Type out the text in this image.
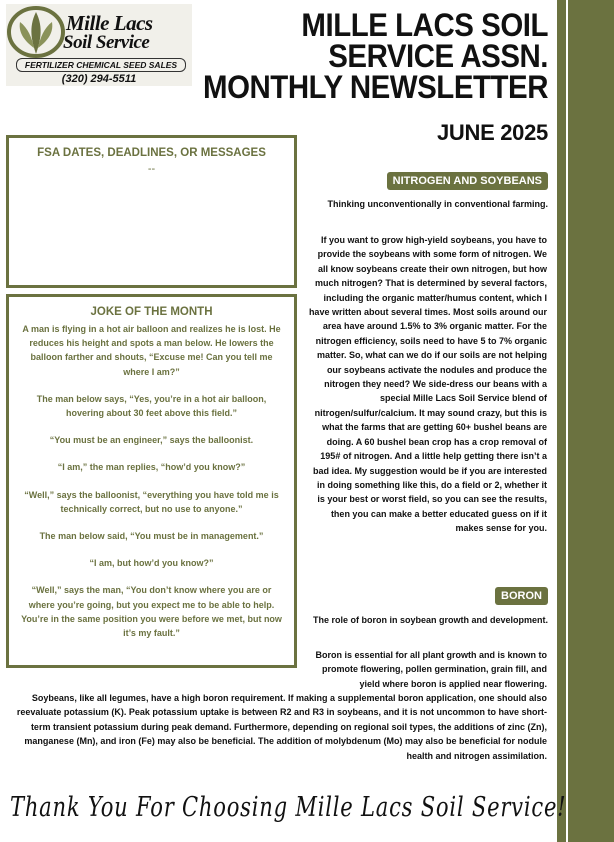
Mille Lacs
Soil Service
FERTILIZER CHEMICAL SEED SALES
(320) 294-5511
MILLE LACS SOIL
SERVICE ASSN.
MONTHLY NEWSLETTER
JUNE 2025
FSA DATES, DEADLINES, OR MESSAGES
--
JOKE OF THE MONTH

A man is flying in a hot air balloon and realizes he is lost. He reduces his height and spots a man below. He lowers the balloon farther and shouts, “Excuse me! Can you tell me where I am?”

The man below says, “Yes, you’re in a hot air balloon, hovering about 30 feet above this field.”

“You must be an engineer,” says the balloonist.

“I am,” the man replies, “how’d you know?”

“Well,” says the balloonist, “everything you have told me is technically correct, but no use to anyone.”

The man below said, “You must be in management.”

“I am, but how’d you know?”

“Well,” says the man, “You don’t know where you are or where you’re going, but you expect me to be able to help. You’re in the same position you were before we met, but now it’s my fault.”

NITROGEN AND SOYBEANS
Thinking unconventionally in conventional farming.
If you want to grow high-yield soybeans, you have to provide the soybeans with some form of nitrogen. We all know soybeans create their own nitrogen, but how much nitrogen? That is determined by several factors, including the organic matter/humus content, which I have written about several times. Most soils around our area have around 1.5% to 3% organic matter. For the nitrogen efficiency, soils need to have 5 to 7% organic matter. So, what can we do if our soils are not helping our soybeans activate the nodules and produce the nitrogen they need? We side-dress our beans with a special Mille Lacs Soil Service blend of nitrogen/sulfur/calcium. It may sound crazy, but this is what the farms that are getting 60+ bushel beans are doing. A 60 bushel bean crop has a crop removal of 195# of nitrogen. And a little help getting there isn’t a bad idea. My suggestion would be if you are interested in doing something like this, do a field or 2, whether it is your best or worst field, so you can see the results, then you can make a better educated guess on if it makes sense for you.
BORON
The role of boron in soybean growth and development.
Boron is essential for all plant growth and is known to promote flowering, pollen germination, grain fill, and yield where boron is applied near flowering.
Soybeans, like all legumes, have a high boron requirement. If making a supplemental boron application, one should also reevaluate potassium (K). Peak potassium uptake is between R2 and R3 in soybeans, and it is not uncommon to have short-term transient potassium during peak demand. Furthermore, depending on regional soil types, the additions of zinc (Zn), manganese (Mn), and iron (Fe) may also be beneficial. The addition of molybdenum (Mo) may also be beneficial for nodule health and nitrogen assimilation.
Thank You For Choosing Mille Lacs Soil Service!
